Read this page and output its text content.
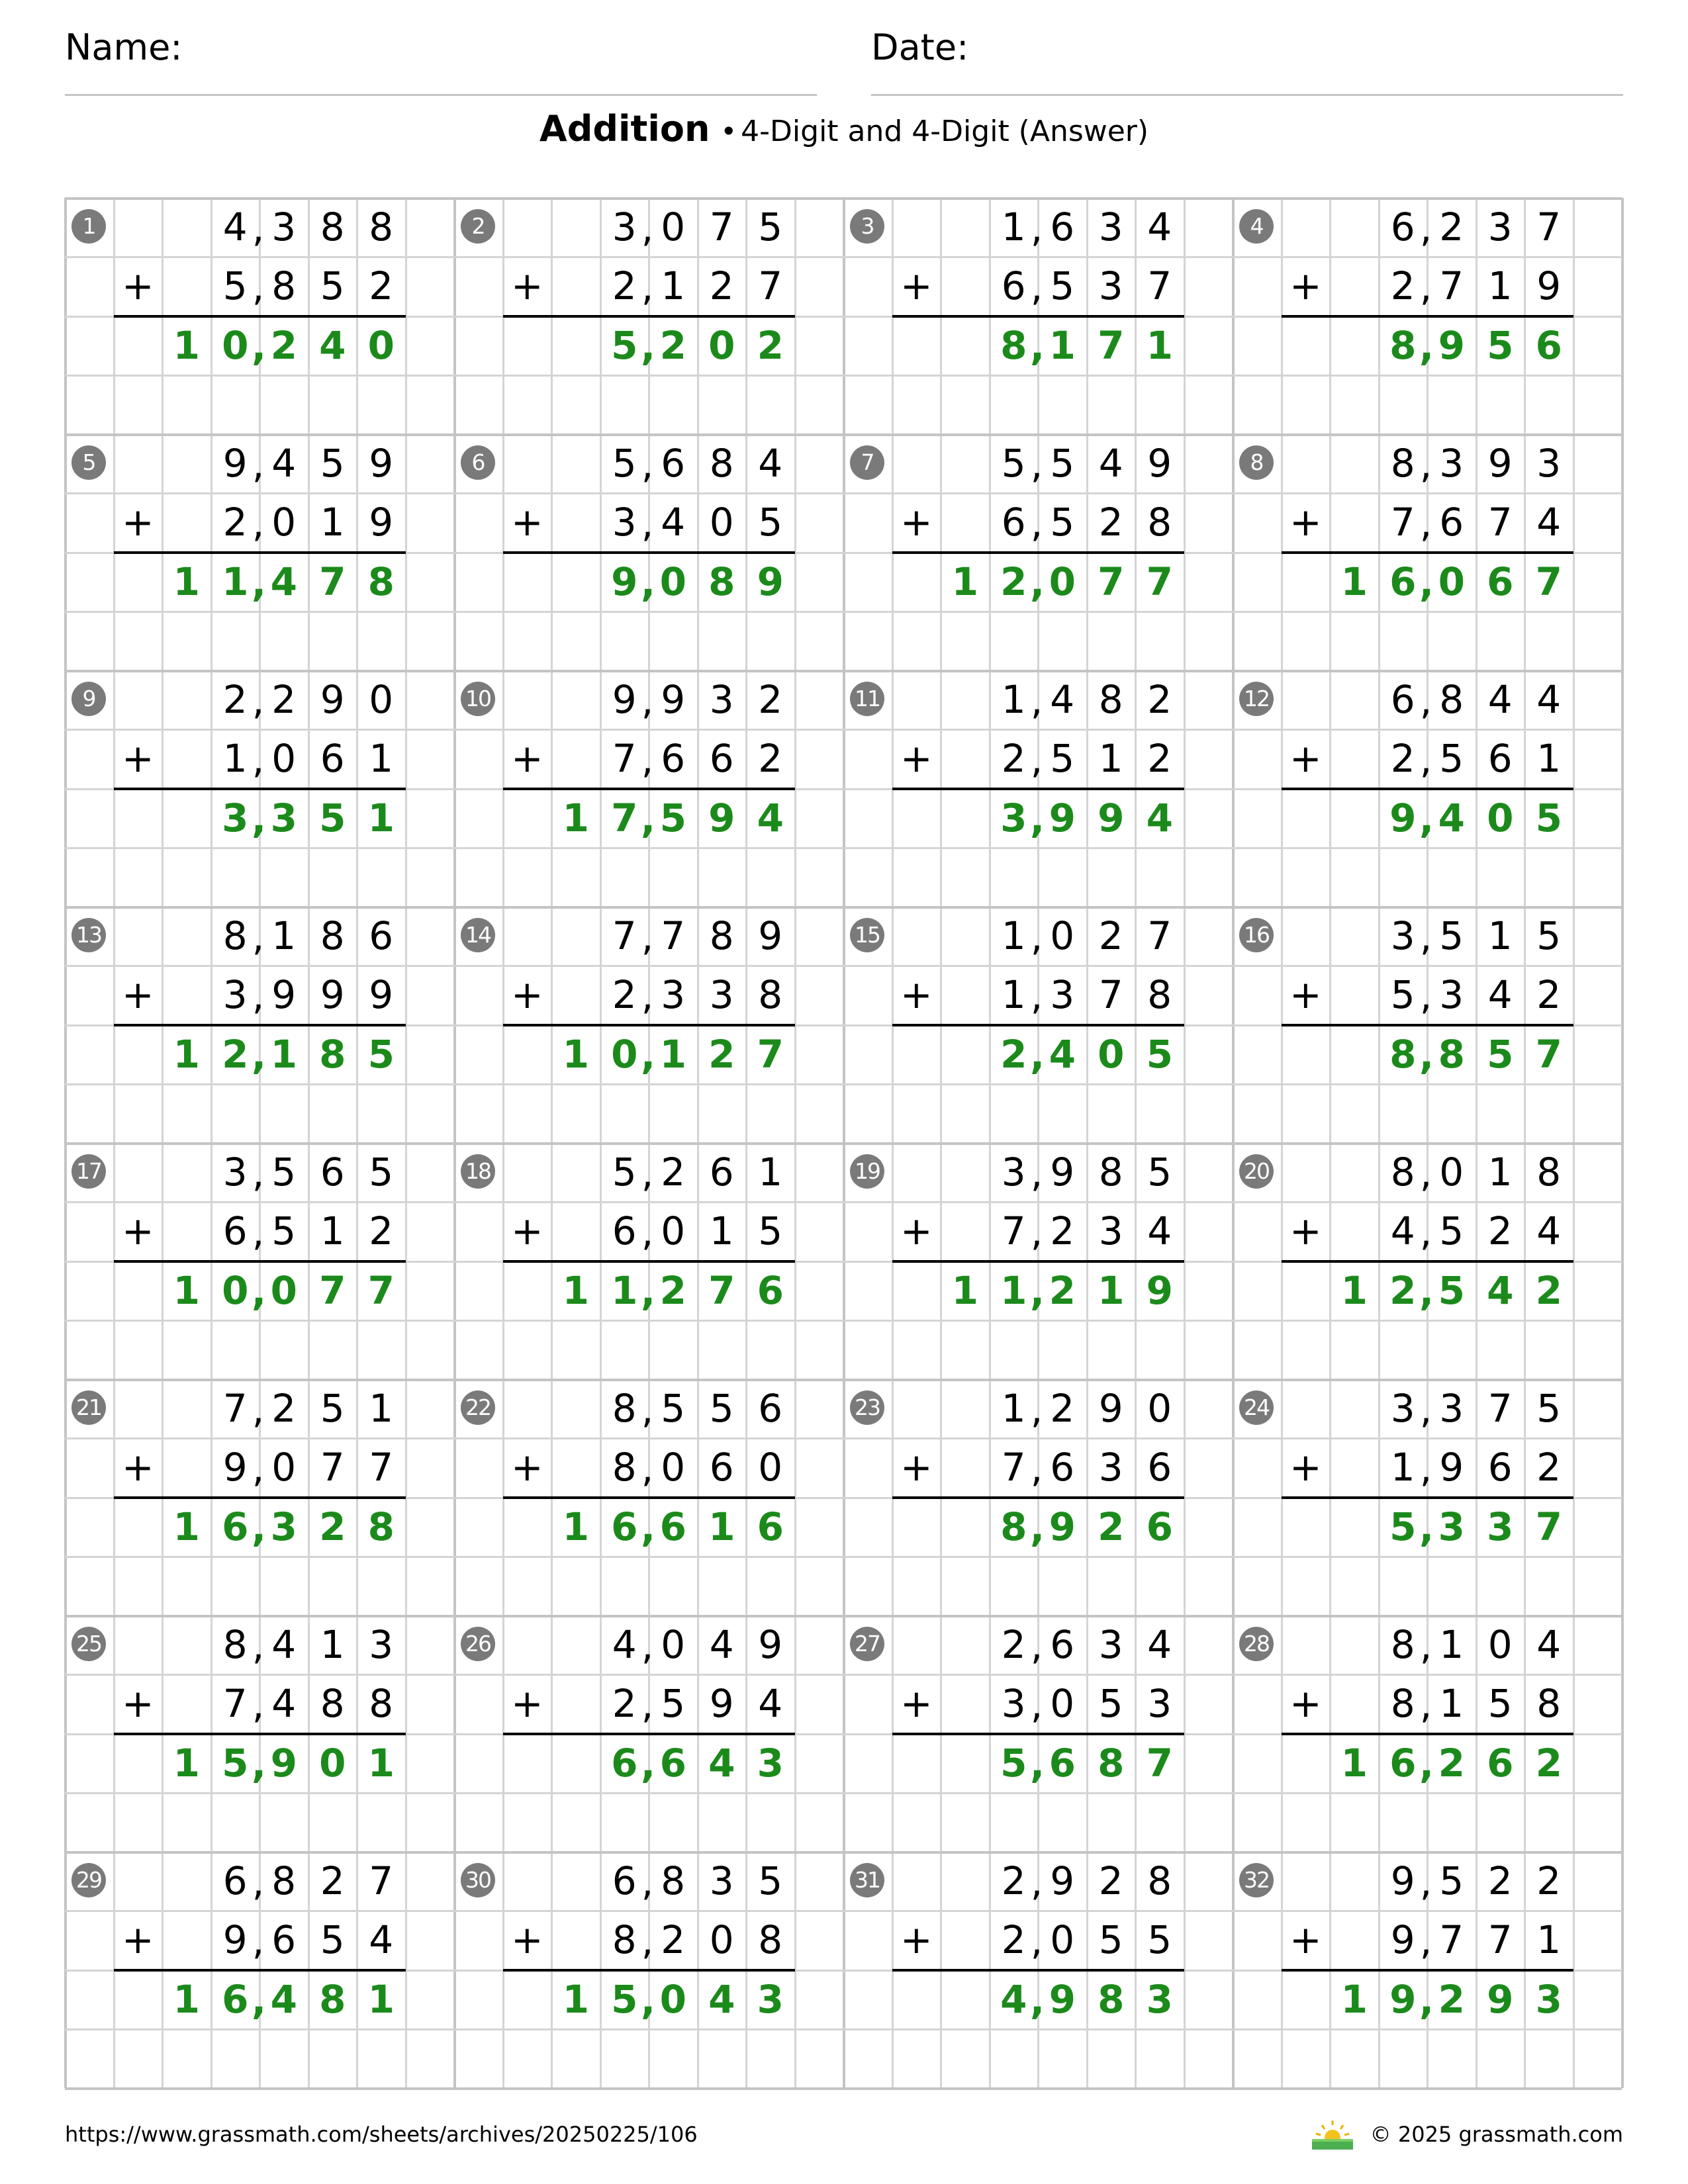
Name:	Date:
Addition • 4-Digit and 4-Digit (Answer)
1
+
4 3 8 8
,
5 8 5 2
,
1 0 2 4 0
,
2
+
3 0 7 5
,
2 1 2 7
,
5 2 0 2
,
3
+
1 6 3 4
,
6 5 3 7
,
8 1 7 1
,
4
+
6 2 3 7
,
2 7 1 9
,
8 9 5 6
,
5
+
9 4 5 9
,
2 0 1 9
,
1 1 4 7 8
,
6
+
5 6 8 4
,
3 4 0 5
,
9 0 8 9
,
7
+
5 5 4 9
,
6 5 2 8
,
1 2 0 7 7
,
8
+
8 3 9 3
,
7 6 7 4
,
1 6 0 6 7
,
9
+
2 2 9 0
,
1 0 6 1
,
3 3 5 1
,
10
+
9 9 3 2
,
7 6 6 2
,
1 7 5 9 4
,
11
+
1 4 8 2
,
2 5 1 2
,
3 9 9 4
,
12
+
6 8 4 4
,
2 5 6 1
,
9 4 0 5
,
13
+
8 1 8 6
,
3 9 9 9
,
1 2 1 8 5
,
14
+
7 7 8 9
,
2 3 3 8
,
1 0 1 2 7
,
15
+
1 0 2 7
,
1 3 7 8
,
2 4 0 5
,
16
+
3 5 1 5
,
5 3 4 2
,
8 8 5 7
,
17
+
3 5 6 5
,
6 5 1 2
,
1 0 0 7 7
,
18
+
5 2 6 1
,
6 0 1 5
,
1 1 2 7 6
,
19
+
3 9 8 5
,
7 2 3 4
,
1 1 2 1 9
,
20
+
8 0 1 8
,
4 5 2 4
,
1 2 5 4 2
,
21
+
7 2 5 1
,
9 0 7 7
,
1 6 3 2 8
,
22
+
8 5 5 6
,
8 0 6 0
,
1 6 6 1 6
,
23
+
1 2 9 0
,
7 6 3 6
,
8 9 2 6
,
24
+
3 3 7 5
,
1 9 6 2
,
5 3 3 7
,
25
+
8 4 1 3
,
7 4 8 8
,
1 5 9 0 1
,
26
+
4 0 4 9
,
2 5 9 4
,
6 6 4 3
,
27
+
2 6 3 4
,
3 0 5 3
,
5 6 8 7
,
28
+
8 1 0 4
,
8 1 5 8
,
1 6 2 6 2
,
29
+
6 8 2 7
,
9 6 5 4
,
1 6 4 8 1
,
30
+
6 8 3 5
,
8 2 0 8
,
1 5 0 4 3
,
31
+
2 9 2 8
,
2 0 5 5
,
4 9 8 3
,
32
+
9 5 2 2
,
9 7 7 1
,
1 9 2 9 3
,
https://www.grassmath.com/sheets/archives/20250225/106	© 2025 grassmath.com
